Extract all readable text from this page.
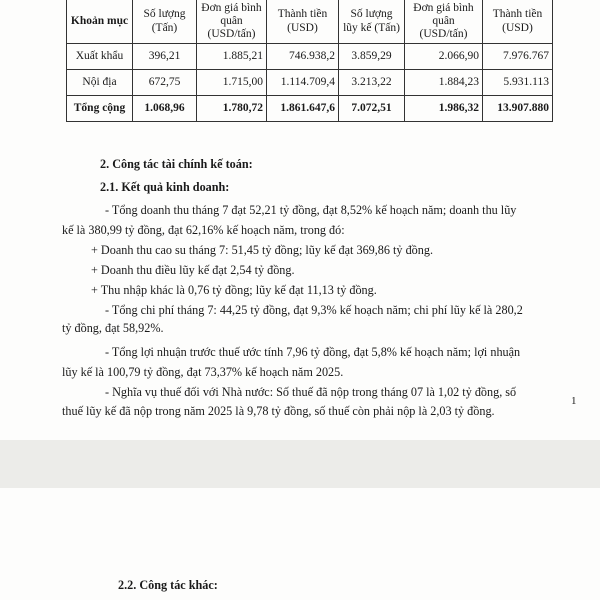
Khoản mục	Số lượng (Tấn)	Đơn giá bình quân (USD/tấn)	Thành tiền (USD)	Số lượng lũy kế (Tấn)	Đơn giá bình quân (USD/tấn)	Thành tiền (USD)
Xuất khẩu	396,21	1.885,21	746.938,2	3.859,29	2.066,90	7.976.767
Nội địa	672,75	1.715,00	1.114.709,4	3.213,22	1.884,23	5.931.113
Tổng cộng	1.068,96	1.780,72	1.861.647,6	7.072,51	1.986,32	13.907.880
2. Công tác tài chính kế toán:
2.1. Kết quả kinh doanh:
- Tổng doanh thu tháng 7 đạt 52,21 tỷ đồng, đạt 8,52% kế hoạch năm; doanh thu lũy
kế là 380,99 tỷ đồng, đạt 62,16% kế hoạch năm, trong đó:
+ Doanh thu cao su tháng 7: 51,45 tỷ đồng; lũy kế đạt 369,86 tỷ đồng.
+ Doanh thu điều lũy kế đạt 2,54 tỷ đồng.
+ Thu nhập khác là 0,76 tỷ đồng; lũy kế đạt 11,13 tỷ đồng.
- Tổng chi phí tháng 7: 44,25 tỷ đồng, đạt 9,3% kế hoạch năm; chi phí lũy kế là 280,2
tỷ đồng, đạt 58,92%.
- Tổng lợi nhuận trước thuế ước tính 7,96 tỷ đồng, đạt 5,8% kế hoạch năm; lợi nhuận
lũy kế là 100,79 tỷ đồng, đạt 73,37% kế hoạch năm 2025.
- Nghĩa vụ thuế đối với Nhà nước: Số thuế đã nộp trong tháng 07 là 1,02 tỷ đồng, số
thuế lũy kế đã nộp trong năm 2025 là 9,78 tỷ đồng, số thuế còn phải nộp là 2,03 tỷ đồng.
1
2.2. Công tác khác:
